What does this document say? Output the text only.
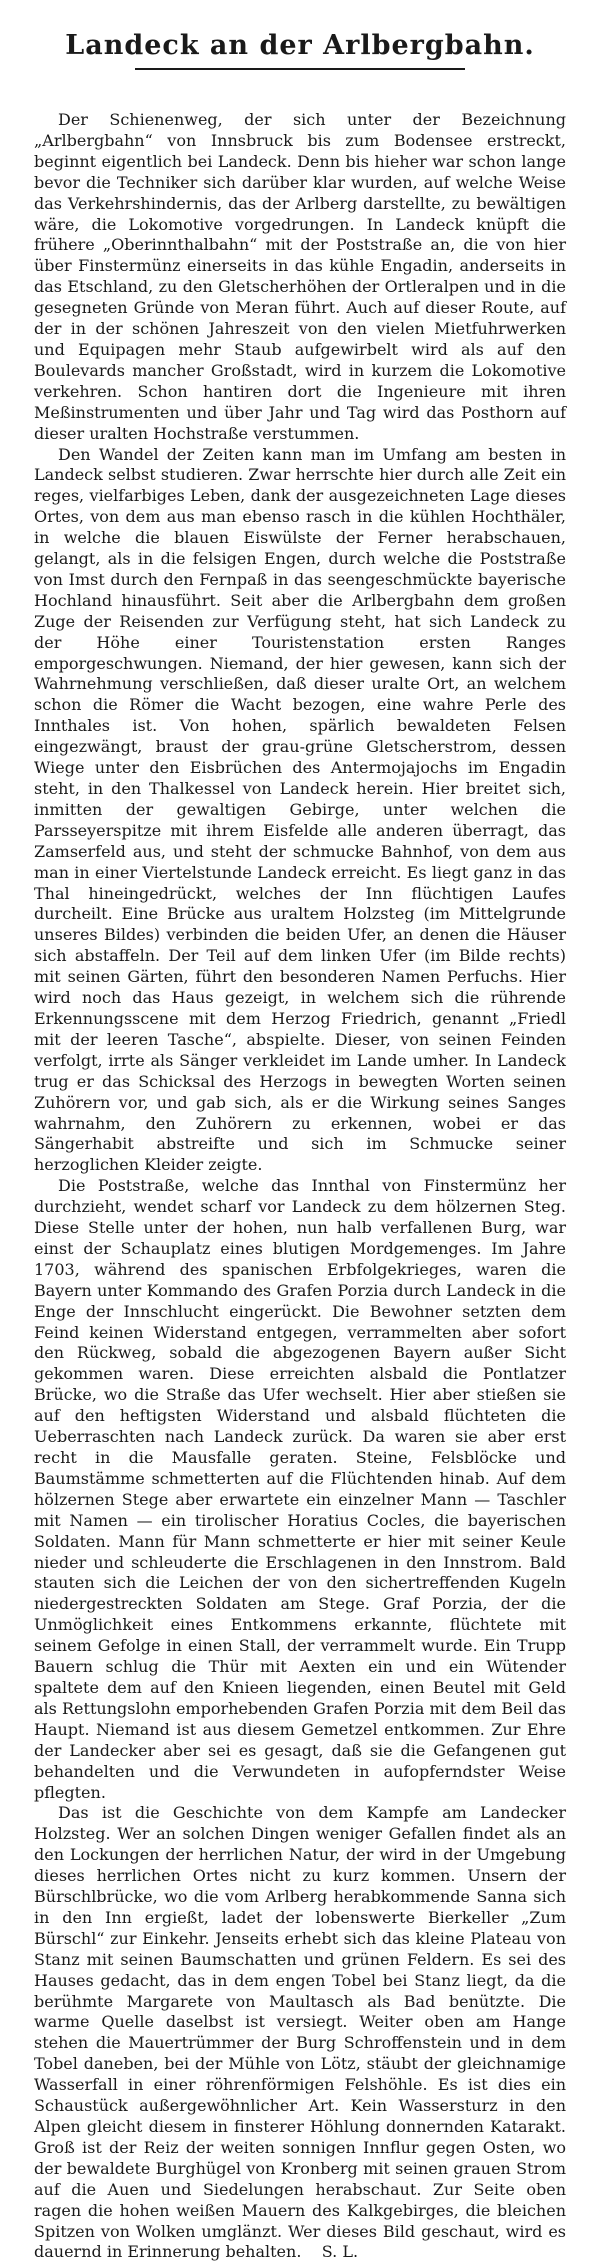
Landeck an der Arlbergbahn.

Der Schienenweg, der sich unter der Bezeichnung „Arlbergbahn“ von Innsbruck bis zum Bodensee erstreckt, beginnt eigentlich bei Landeck. Denn bis hieher war schon lange bevor die Techniker sich darüber klar wurden, auf welche Weise das Verkehrshindernis, das der Arlberg darstellte, zu bewältigen wäre, die Lokomotive vorgedrungen. In Landeck knüpft die frühere „Oberinnthalbahn“ mit der Poststraße an, die von hier über Finstermünz einerseits in das kühle Engadin, anderseits in das Etschland, zu den Gletscherhöhen der Ortleralpen und in die gesegneten Gründe von Meran führt. Auch auf dieser Route, auf der in der schönen Jahreszeit von den vielen Mietfuhrwerken und Equipagen mehr Staub aufgewirbelt wird als auf den Boulevards mancher Großstadt, wird in kurzem die Lokomotive verkehren. Schon hantiren dort die Ingenieure mit ihren Meßinstrumenten und über Jahr und Tag wird das Posthorn auf dieser uralten Hochstraße verstummen.

Den Wandel der Zeiten kann man im Umfang am besten in Landeck selbst studieren. Zwar herrschte hier durch alle Zeit ein reges, vielfarbiges Leben, dank der ausgezeichneten Lage dieses Ortes, von dem aus man ebenso rasch in die kühlen Hochthäler, in welche die blauen Eiswülste der Ferner herabschauen, gelangt, als in die felsigen Engen, durch welche die Poststraße von Imst durch den Fernpaß in das seengeschmückte bayerische Hochland hinausführt. Seit aber die Arlbergbahn dem großen Zuge der Reisenden zur Verfügung steht, hat sich Landeck zu der Höhe einer Touristenstation ersten Ranges emporgeschwungen. Niemand, der hier gewesen, kann sich der Wahrnehmung verschließen, daß dieser uralte Ort, an welchem schon die Römer die Wacht bezogen, eine wahre Perle des Innthales ist. Von hohen, spärlich bewaldeten Felsen eingezwängt, braust der grau-grüne Gletscherstrom, dessen Wiege unter den Eisbrüchen des Antermojajochs im Engadin steht, in den Thalkessel von Landeck herein. Hier breitet sich, inmitten der gewaltigen Gebirge, unter welchen die Parsseyerspitze mit ihrem Eisfelde alle anderen überragt, das Zamserfeld aus, und steht der schmucke Bahnhof, von dem aus man in einer Viertelstunde Landeck erreicht. Es liegt ganz in das Thal hineingedrückt, welches der Inn flüchtigen Laufes durcheilt. Eine Brücke aus uraltem Holzsteg (im Mittelgrunde unseres Bildes) verbinden die beiden Ufer, an denen die Häuser sich abstaffeln. Der Teil auf dem linken Ufer (im Bilde rechts) mit seinen Gärten, führt den besonderen Namen Perfuchs. Hier wird noch das Haus gezeigt, in welchem sich die rührende Erkennungsscene mit dem Herzog Friedrich, genannt „Friedl mit der leeren Tasche“, abspielte. Dieser, von seinen Feinden verfolgt, irrte als Sänger verkleidet im Lande umher. In Landeck trug er das Schicksal des Herzogs in bewegten Worten seinen Zuhörern vor, und gab sich, als er die Wirkung seines Sanges wahrnahm, den Zuhörern zu erkennen, wobei er das Sängerhabit abstreifte und sich im Schmucke seiner herzoglichen Kleider zeigte.

Die Poststraße, welche das Innthal von Finstermünz her durchzieht, wendet scharf vor Landeck zu dem hölzernen Steg. Diese Stelle unter der hohen, nun halb verfallenen Burg, war einst der Schauplatz eines blutigen Mordgemenges. Im Jahre 1703, während des spanischen Erbfolgekrieges, waren die Bayern unter Kommando des Grafen Porzia durch Landeck in die Enge der Innschlucht eingerückt. Die Bewohner setzten dem Feind keinen Widerstand entgegen, verrammelten aber sofort den Rückweg, sobald die abgezogenen Bayern außer Sicht gekommen waren. Diese erreichten alsbald die Pontlatzer Brücke, wo die Straße das Ufer wechselt. Hier aber stießen sie auf den heftigsten Widerstand und alsbald flüchteten die Ueberraschten nach Landeck zurück. Da waren sie aber erst recht in die Mausfalle geraten. Steine, Felsblöcke und Baumstämme schmetterten auf die Flüchtenden hinab. Auf dem hölzernen Stege aber erwartete ein einzelner Mann — Taschler mit Namen — ein tirolischer Horatius Cocles, die bayerischen Soldaten. Mann für Mann schmetterte er hier mit seiner Keule nieder und schleuderte die Erschlagenen in den Innstrom. Bald stauten sich die Leichen der von den sichertreffenden Kugeln niedergestreckten Soldaten am Stege. Graf Porzia, der die Unmöglichkeit eines Entkommens erkannte, flüchtete mit seinem Gefolge in einen Stall, der verrammelt wurde. Ein Trupp Bauern schlug die Thür mit Aexten ein und ein Wütender spaltete dem auf den Knieen liegenden, einen Beutel mit Geld als Rettungslohn emporhebenden Grafen Porzia mit dem Beil das Haupt. Niemand ist aus diesem Gemetzel entkommen. Zur Ehre der Landecker aber sei es gesagt, daß sie die Gefangenen gut behandelten und die Verwundeten in aufopferndster Weise pflegten.

Das ist die Geschichte von dem Kampfe am Landecker Holzsteg. Wer an solchen Dingen weniger Gefallen findet als an den Lockungen der herrlichen Natur, der wird in der Umgebung dieses herrlichen Ortes nicht zu kurz kommen. Unsern der Bürschlbrücke, wo die vom Arlberg herabkommende Sanna sich in den Inn ergießt, ladet der lobenswerte Bierkeller „Zum Bürschl“ zur Einkehr. Jenseits erhebt sich das kleine Plateau von Stanz mit seinen Baumschatten und grünen Feldern. Es sei des Hauses gedacht, das in dem engen Tobel bei Stanz liegt, da die berühmte Margarete von Maultasch als Bad benützte. Die warme Quelle daselbst ist versiegt. Weiter oben am Hange stehen die Mauertrümmer der Burg Schroffenstein und in dem Tobel daneben, bei der Mühle von Lötz, stäubt der gleichnamige Wasserfall in einer röhrenförmigen Felshöhle. Es ist dies ein Schaustück außergewöhnlicher Art. Kein Wassersturz in den Alpen gleicht diesem in finsterer Höhlung donnernden Katarakt. Groß ist der Reiz der weiten sonnigen Innflur gegen Osten, wo der bewaldete Burghügel von Kronberg mit seinen grauen Strom auf die Auen und Siedelungen herabschaut. Zur Seite oben ragen die hohen weißen Mauern des Kalkgebirges, die bleichen Spitzen von Wolken umglänzt. Wer dieses Bild geschaut, wird es dauernd in Erinnerung behalten. S. L.
